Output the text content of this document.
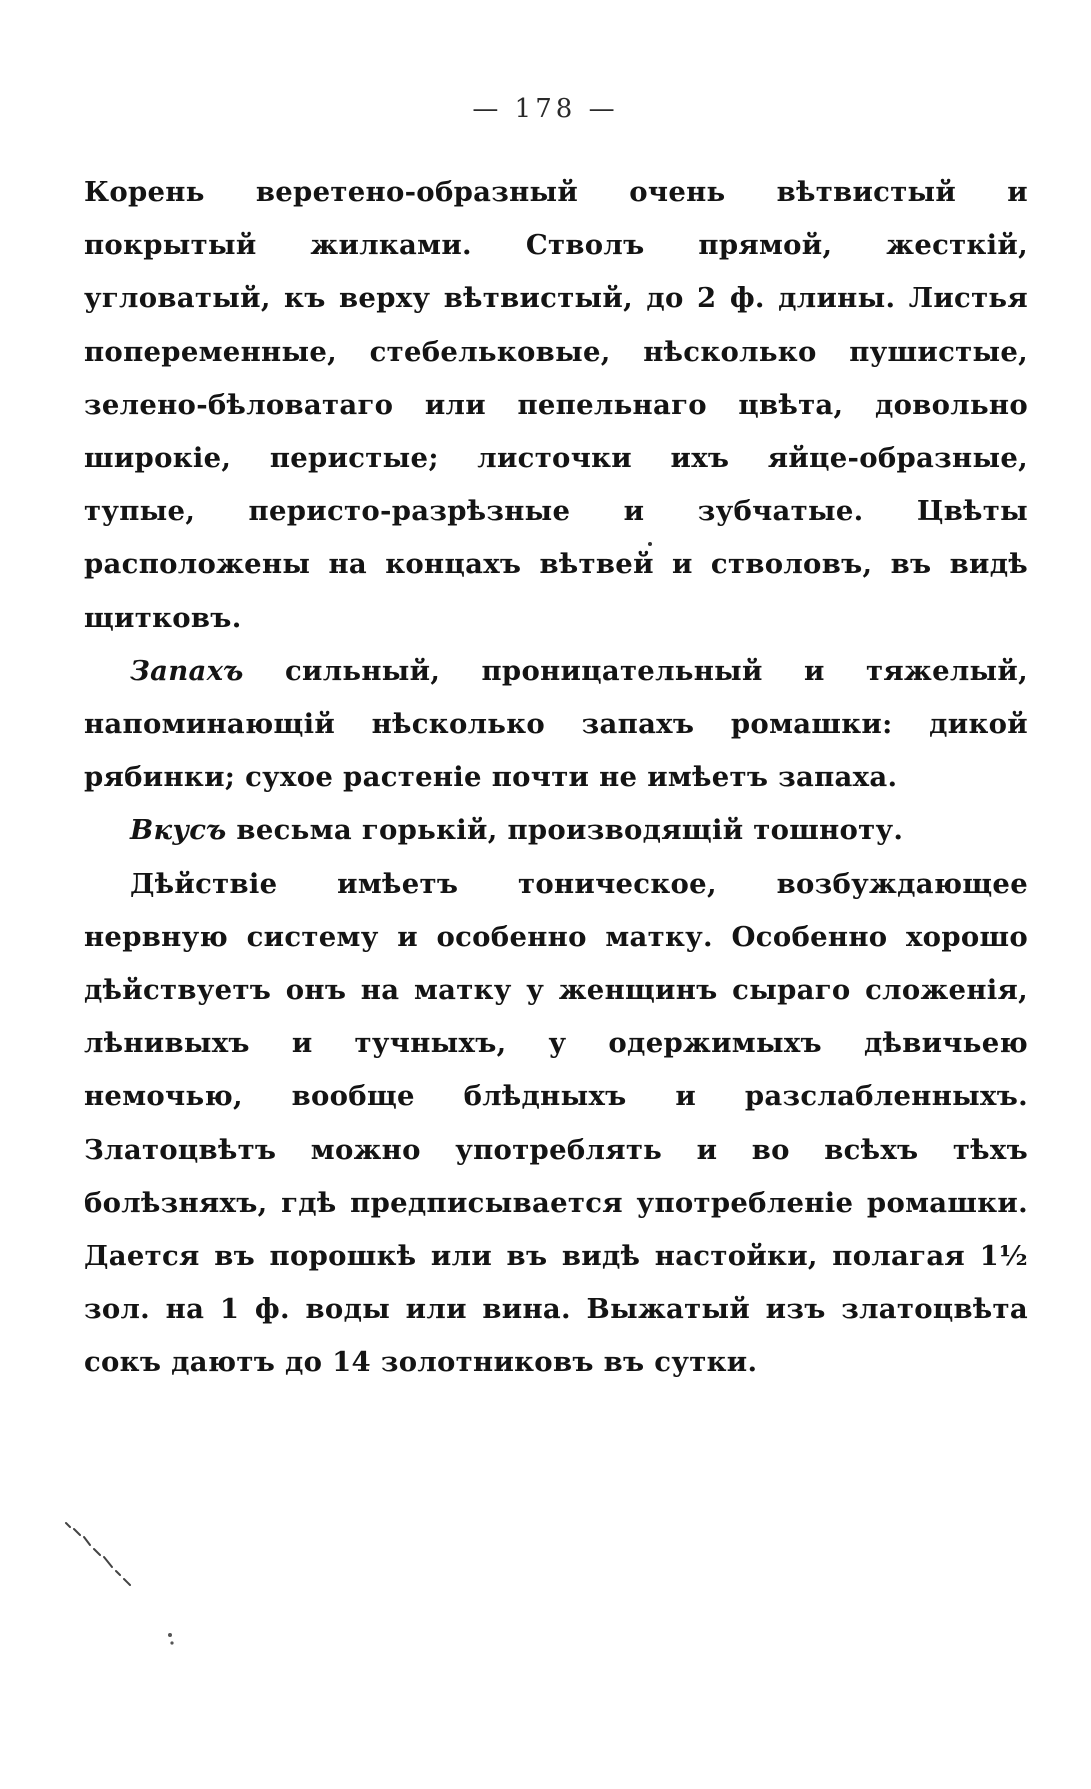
— 178 —

Корень веретено-образный очень вѣтвистый и покрытый жилками. Стволъ прямой, жесткій, угловатый, къ верху вѣтвистый, до 2 ф. длины. Листья попеременные, стебельковые, нѣсколько пушистые, зелено-бѣловатаго или пепельнаго цвѣта, довольно широкіе, перистые; листочки ихъ яйце-образные, тупые, перисто-разрѣзные и зубчатые. Цвѣты расположены на концахъ вѣтвей и стволовъ, въ видѣ щитковъ.

Запахъ сильный, проницательный и тяжелый, напоминающій нѣсколько запахъ ромашки: дикой рябинки; сухое растеніе почти не имѣетъ запаха.

Вкусъ весьма горькій, производящій тошноту.

Дѣйствіе имѣетъ тоническое, возбуждающее нервную систему и особенно матку. Особенно хорошо дѣйствуетъ онъ на матку у женщинъ сыраго сложенія, лѣнивыхъ и тучныхъ, у одержимыхъ дѣвичьею немочью, вообще блѣдныхъ и разслабленныхъ. Златоцвѣтъ можно употреблять и во всѣхъ тѣхъ болѣзняхъ, гдѣ предписывается употребленіе ромашки. Дается въ порошкѣ или въ видѣ настойки, полагая 1½ зол. на 1 ф. воды или вина. Выжатый изъ златоцвѣта сокъ даютъ до 14 золотниковъ въ сутки.
